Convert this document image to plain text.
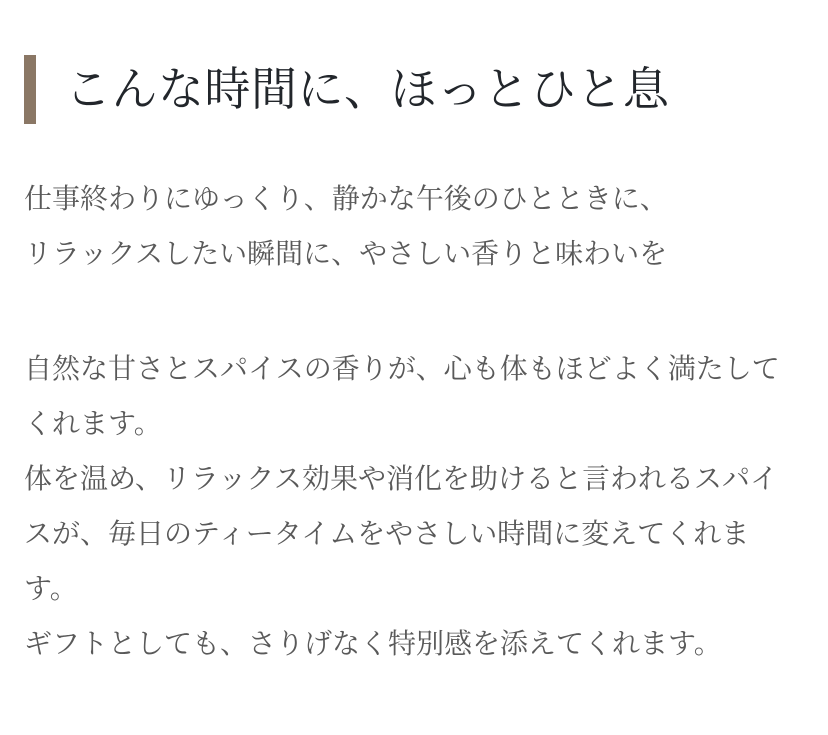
こんな時間に、ほっとひと息

仕事終わりにゆっくり、静かな午後のひとときに、
リラックスしたい瞬間に、やさしい香りと味わいを

自然な甘さとスパイスの香りが、心も体もほどよく満たして
くれます。
体を温め、リラックス効果や消化を助けると言われるスパイ
スが、毎日のティータイムをやさしい時間に変えてくれま
す。
ギフトとしても、さりげなく特別感を添えてくれます。
